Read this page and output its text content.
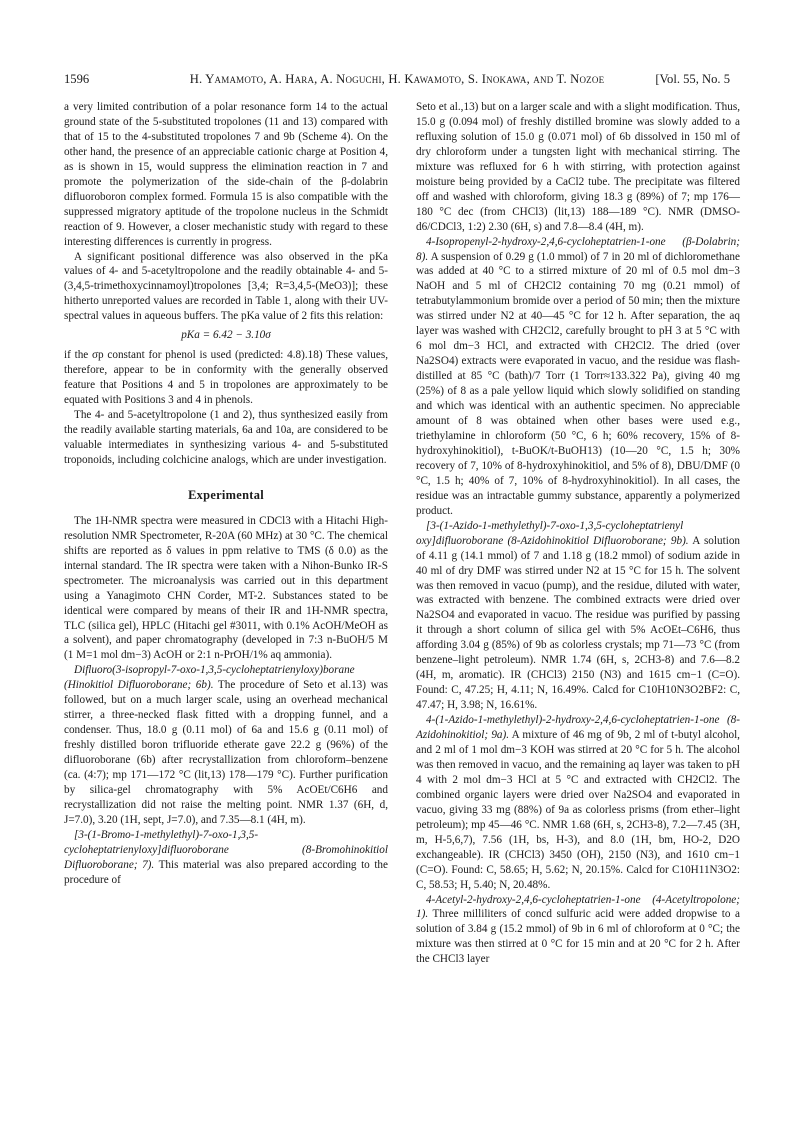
1596	H. Yamamoto, A. Hara, A. Noguchi, H. Kawamoto, S. Inokawa, and T. Nozoe	[Vol. 55, No. 5

a very limited contribution of a polar resonance form 14 to the actual ground state of the 5-substituted tropolones (11 and 13) compared with that of 15 to the 4-substituted tropolones 7 and 9b (Scheme 4). On the other hand, the presence of an appreciable cationic charge at Position 4, as is shown in 15, would suppress the elimination reaction in 7 and promote the polymerization of the side-chain of the β-dolabrin difluoroboron complex formed. Formula 15 is also compatible with the suppressed migratory aptitude of the tropolone nucleus in the Schmidt reaction of 9. However, a closer mechanistic study with regard to these interesting differences is currently in progress.

A significant positional difference was also observed in the pKa values of 4- and 5-acetyltropolone and the readily obtainable 4- and 5-(3,4,5-trimethoxycinnamoyl)tropolones [3,4; R=3,4,5-(MeO3)]; these hitherto unreported values are recorded in Table 1, along with their UV-spectral values in aqueous buffers. The pKa value of 2 fits this relation:

pKa = 6.42 − 3.10σ

if the σp constant for phenol is used (predicted: 4.8).18) These values, therefore, appear to be in conformity with the generally observed feature that Positions 4 and 5 in tropolones are approximately to be equated with Positions 3 and 4 in phenols.

The 4- and 5-acetyltropolone (1 and 2), thus synthesized easily from the readily available starting materials, 6a and 10a, are considered to be valuable intermediates in synthesizing various 4- and 5-substituted troponoids, including colchicine analogs, which are under investigation.

Experimental

The 1H-NMR spectra were measured in CDCl3 with a Hitachi High-resolution NMR Spectrometer, R-20A (60 MHz) at 30 °C. The chemical shifts are reported as δ values in ppm relative to TMS (δ 0.0) as the internal standard. The IR spectra were taken with a Nihon-Bunko IR-S spectrometer. The microanalysis was carried out in this department using a Yanagimoto CHN Corder, MT-2. Substances stated to be identical were compared by means of their IR and 1H-NMR spectra, TLC (silica gel), HPLC (Hitachi gel #3011, with 0.1% AcOH/MeOH as a solvent), and paper chromatography (developed in 7:3 n-BuOH/5 M (1 M=1 mol dm−3) AcOH or 2:1 n-PrOH/1% aq ammonia).

Difluoro(3-isopropyl-7-oxo-1,3,5-cycloheptatrienyloxy)borane (Hinokitiol Difluoroborane; 6b). The procedure of Seto et al.13) was followed, but on a much larger scale, using an overhead mechanical stirrer, a three-necked flask fitted with a dropping funnel, and a condenser. Thus, 18.0 g (0.11 mol) of 6a and 15.6 g (0.11 mol) of freshly distilled boron trifluoride etherate gave 22.2 g (96%) of the difluoroborane (6b) after recrystallization from chloroform–benzene (ca. (4:7); mp 171—172 °C (lit,13) 178—179 °C). Further purification by silica-gel chromatography with 5% AcOEt/C6H6 and recrystallization did not raise the melting point. NMR 1.37 (6H, d, J=7.0), 3.20 (1H, sept, J=7.0), and 7.35—8.1 (4H, m).

[3-(1-Bromo-1-methylethyl)-7-oxo-1,3,5-cycloheptatrienyloxy]difluoroborane (8-Bromohinokitiol Difluoroborane; 7). This material was also prepared according to the procedure of

Seto et al.,13) but on a larger scale and with a slight modification. Thus, 15.0 g (0.094 mol) of freshly distilled bromine was slowly added to a refluxing solution of 15.0 g (0.071 mol) of 6b dissolved in 150 ml of dry chloroform under a tungsten light with mechanical stirring. The mixture was refluxed for 6 h with stirring, with protection against moisture being provided by a CaCl2 tube. The precipitate was filtered off and washed with chloroform, giving 18.3 g (89%) of 7; mp 176—180 °C dec (from CHCl3) (lit,13) 188—189 °C). NMR (DMSO-d6/CDCl3, 1:2) 2.30 (6H, s) and 7.8—8.4 (4H, m).

4-Isopropenyl-2-hydroxy-2,4,6-cycloheptatrien-1-one (β-Dolabrin; 8). A suspension of 0.29 g (1.0 mmol) of 7 in 20 ml of dichloromethane was added at 40 °C to a stirred mixture of 20 ml of 0.5 mol dm−3 NaOH and 5 ml of CH2Cl2 containing 70 mg (0.21 mmol) of tetrabutylammonium bromide over a period of 50 min; then the mixture was stirred under N2 at 40—45 °C for 12 h. After separation, the aq layer was washed with CH2Cl2, carefully brought to pH 3 at 5 °C with 6 mol dm−3 HCl, and extracted with CH2Cl2. The dried (over Na2SO4) extracts were evaporated in vacuo, and the residue was flash-distilled at 85 °C (bath)/7 Torr (1 Torr≈133.322 Pa), giving 40 mg (25%) of 8 as a pale yellow liquid which slowly solidified on standing and which was identical with an authentic specimen. No appreciable amount of 8 was obtained when other bases were used e.g., triethylamine in chloroform (50 °C, 6 h; 60% recovery, 15% of 8-hydroxyhinokitiol), t-BuOK/t-BuOH13) (10—20 °C, 1.5 h; 30% recovery of 7, 10% of 8-hydroxyhinokitiol, and 5% of 8), DBU/DMF (0 °C, 1.5 h; 40% of 7, 10% of 8-hydroxyhinokitiol). In all cases, the residue was an intractable gummy substance, apparently a polymerized product.

[3-(1-Azido-1-methylethyl)-7-oxo-1,3,5-cycloheptatrienyl oxy]difluoroborane (8-Azidohinokitiol Difluoroborane; 9b). A solution of 4.11 g (14.1 mmol) of 7 and 1.18 g (18.2 mmol) of sodium azide in 40 ml of dry DMF was stirred under N2 at 15 °C for 15 h. The solvent was then removed in vacuo (pump), and the residue, diluted with water, was extracted with benzene. The combined extracts were dried over Na2SO4 and evaporated in vacuo. The residue was purified by passing it through a short column of silica gel with 5% AcOEt–C6H6, thus affording 3.04 g (85%) of 9b as colorless crystals; mp 71—73 °C (from benzene–light petroleum). NMR 1.74 (6H, s, 2CH3-8) and 7.6—8.2 (4H, m, aromatic). IR (CHCl3) 2150 (N3) and 1615 cm−1 (C=O). Found: C, 47.25; H, 4.11; N, 16.49%. Calcd for C10H10N3O2BF2: C, 47.47; H, 3.98; N, 16.61%.

4-(1-Azido-1-methylethyl)-2-hydroxy-2,4,6-cycloheptatrien-1-one (8-Azidohinokitiol; 9a). A mixture of 46 mg of 9b, 2 ml of t-butyl alcohol, and 2 ml of 1 mol dm−3 KOH was stirred at 20 °C for 5 h. The alcohol was then removed in vacuo, and the remaining aq layer was taken to pH 4 with 2 mol dm−3 HCl at 5 °C and extracted with CH2Cl2. The combined organic layers were dried over Na2SO4 and evaporated in vacuo, giving 33 mg (88%) of 9a as colorless prisms (from ether–light petroleum); mp 45—46 °C. NMR 1.68 (6H, s, 2CH3-8), 7.2—7.45 (3H, m, H-5,6,7), 7.56 (1H, bs, H-3), and 8.0 (1H, bm, HO-2, D2O exchangeable). IR (CHCl3) 3450 (OH), 2150 (N3), and 1610 cm−1 (C=O). Found: C, 58.65; H, 5.62; N, 20.15%. Calcd for C10H11N3O2: C, 58.53; H, 5.40; N, 20.48%.

4-Acetyl-2-hydroxy-2,4,6-cycloheptatrien-1-one (4-Acetyltropolone; 1). Three milliliters of concd sulfuric acid were added dropwise to a solution of 3.84 g (15.2 mmol) of 9b in 6 ml of chloroform at 0 °C; the mixture was then stirred at 0 °C for 15 min and at 20 °C for 2 h. After the CHCl3 layer
